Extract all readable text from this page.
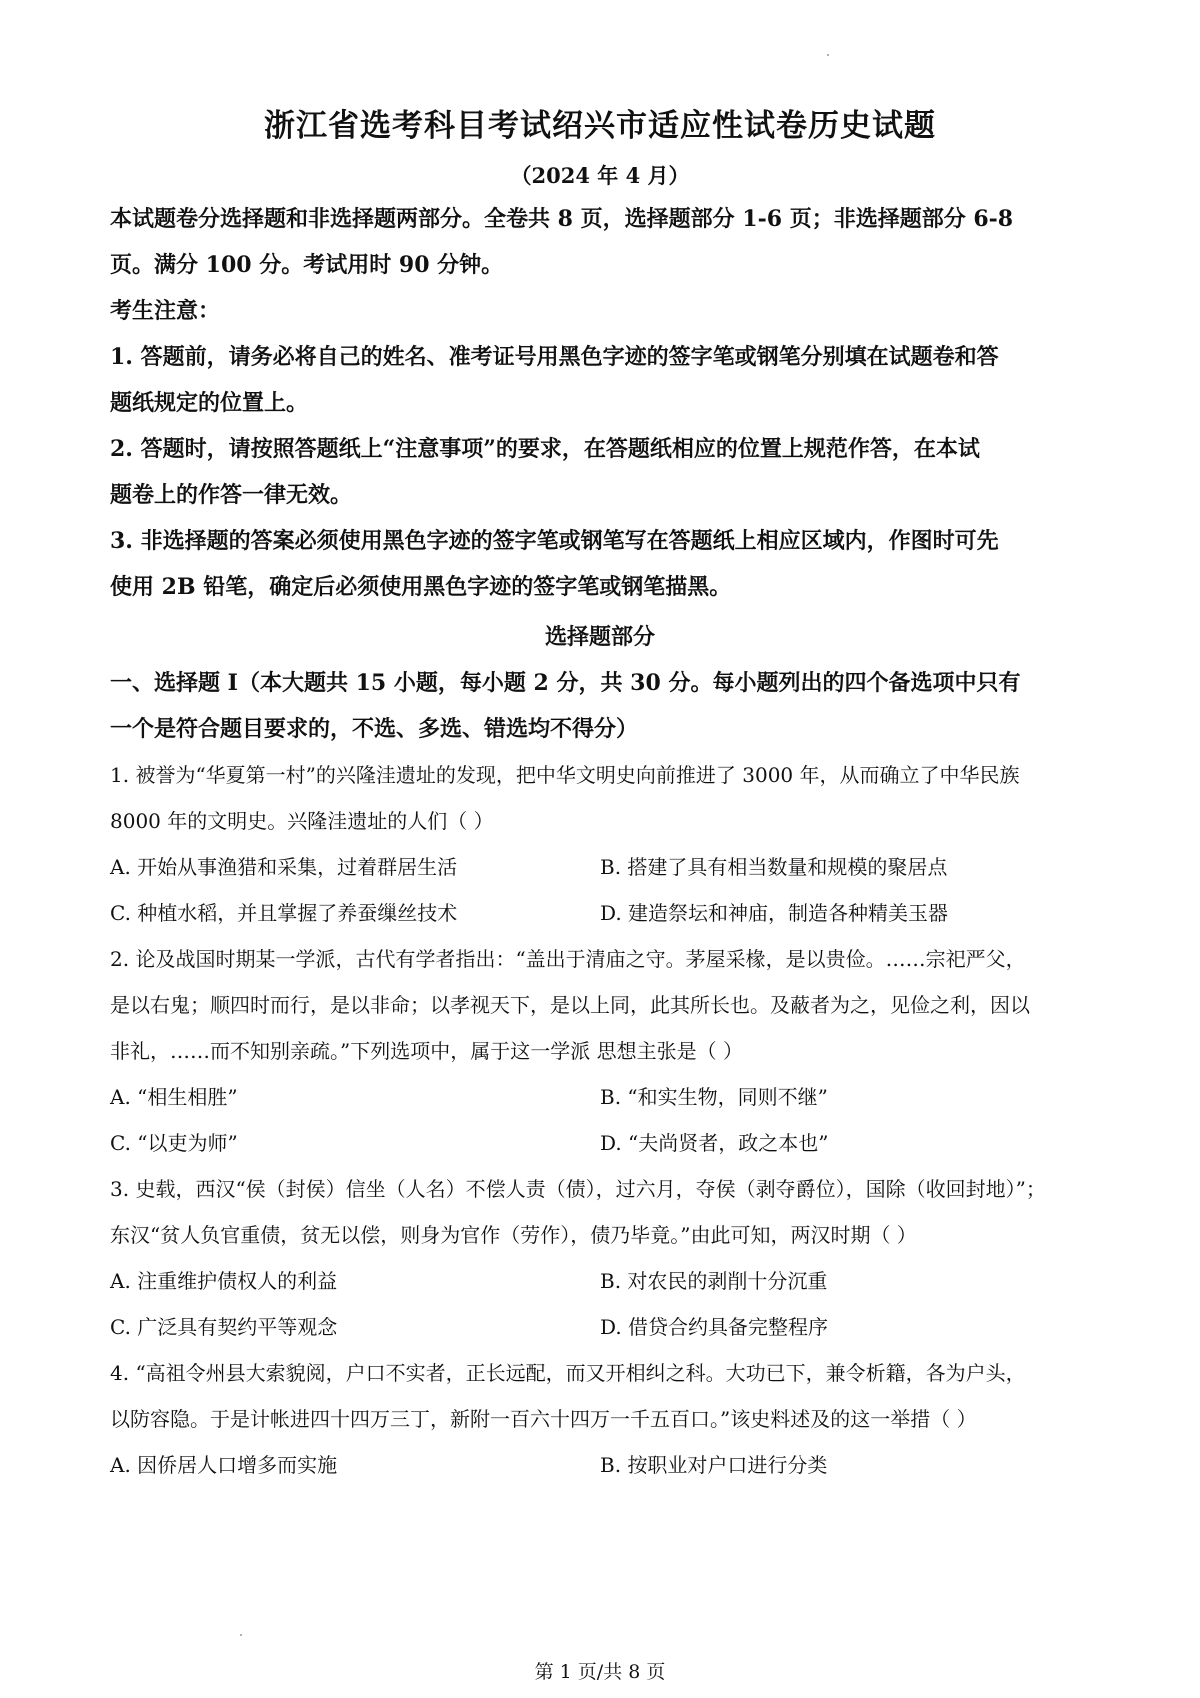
浙江省选考科目考试绍兴市适应性试卷历史试题
（2024 年 4 月）

本试题卷分选择题和非选择题两部分。全卷共 8 页，选择题部分 1-6 页；非选择题部分 6-8

页。满分 100 分。考试用时 90 分钟。

考生注意：

1. 答题前，请务必将自己的姓名、准考证号用黑色字迹的签字笔或钢笔分别填在试题卷和答

题纸规定的位置上。

2. 答题时，请按照答题纸上“注意事项”的要求，在答题纸相应的位置上规范作答，在本试

题卷上的作答一律无效。

3. 非选择题的答案必须使用黑色字迹的签字笔或钢笔写在答题纸上相应区域内，作图时可先

使用 2B 铅笔，确定后必须使用黑色字迹的签字笔或钢笔描黑。

选择题部分

一、选择题 Ⅰ（本大题共 15 小题，每小题 2 分，共 30 分。每小题列出的四个备选项中只有

一个是符合题目要求的，不选、多选、错选均不得分）

1. 被誉为“华夏第一村”的兴隆洼遗址的发现，把中华文明史向前推进了 3000 年，从而确立了中华民族

8000 年的文明史。兴隆洼遗址的人们（ ）

A. 开始从事渔猎和采集，过着群居生活	B. 搭建了具有相当数量和规模的聚居点
C. 种植水稻，并且掌握了养蚕缫丝技术	D. 建造祭坛和神庙，制造各种精美玉器

2. 论及战国时期某一学派，古代有学者指出：“盖出于清庙之守。茅屋采椽，是以贵俭。……宗祀严父，

是以右鬼；顺四时而行，是以非命；以孝视天下，是以上同，此其所长也。及蔽者为之，见俭之利，因以

非礼，……而不知别亲疏。”下列选项中，属于这一学派 思想主张是（ ）

A. “相生相胜”	B. “和实生物，同则不继”
C. “以吏为师”	D. “夫尚贤者，政之本也”

3. 史载，西汉“侯（封侯）信坐（人名）不偿人责（债），过六月，夺侯（剥夺爵位），国除（收回封地）”；

东汉“贫人负官重债，贫无以偿，则身为官作（劳作），债乃毕竟。”由此可知，两汉时期（ ）

A. 注重维护债权人的利益	B. 对农民的剥削十分沉重
C. 广泛具有契约平等观念	D. 借贷合约具备完整程序

4. “高祖令州县大索貌阅，户口不实者，正长远配，而又开相纠之科。大功已下，兼令析籍，各为户头，

以防容隐。于是计帐进四十四万三丁，新附一百六十四万一千五百口。”该史料述及的这一举措（ ）

A. 因侨居人口增多而实施	B. 按职业对户口进行分类
第 1 页/共 8 页
